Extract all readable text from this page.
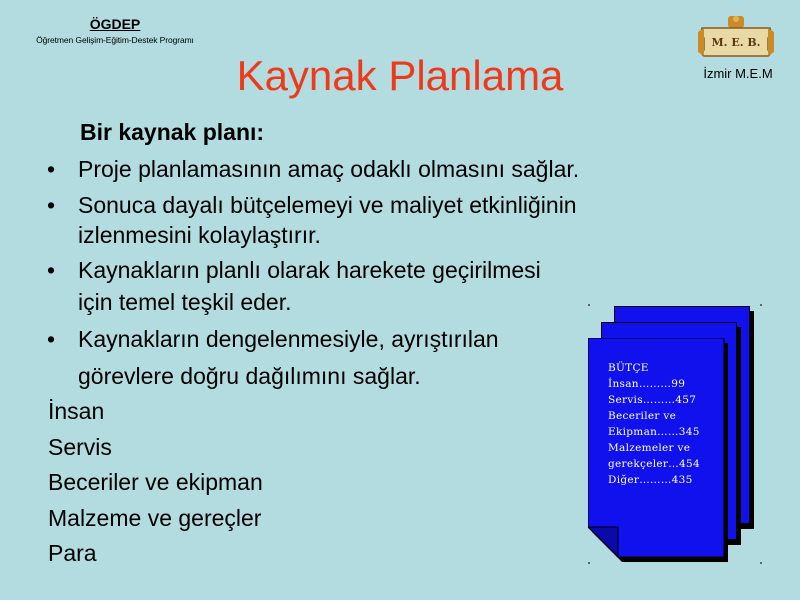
ÖGDEP
Öğretmen Gelişim-Eğitim-Destek Programı	M. E. B.
İzmir M.E.M
Kaynak Planlama
Bir kaynak planı:
• Proje planlamasının amaç odaklı olmasını sağlar.
• Sonuca dayalı bütçelemeyi ve maliyet etkinliğinin
izlenmesini kolaylaştırır.
• Kaynakların planlı olarak harekete geçirilmesi
için temel teşkil eder.
• Kaynakların dengelenmesiyle, ayrıştırılan
görevlere doğru dağılımını sağlar.
İnsan
Servis
Beceriler ve ekipman
Malzeme ve gereçler
Para
BÜTÇE
İnsan………99
Servis………457
Beceriler ve
Ekipman……345
Malzemeler ve
gerekçeler…454
Diğer………435
